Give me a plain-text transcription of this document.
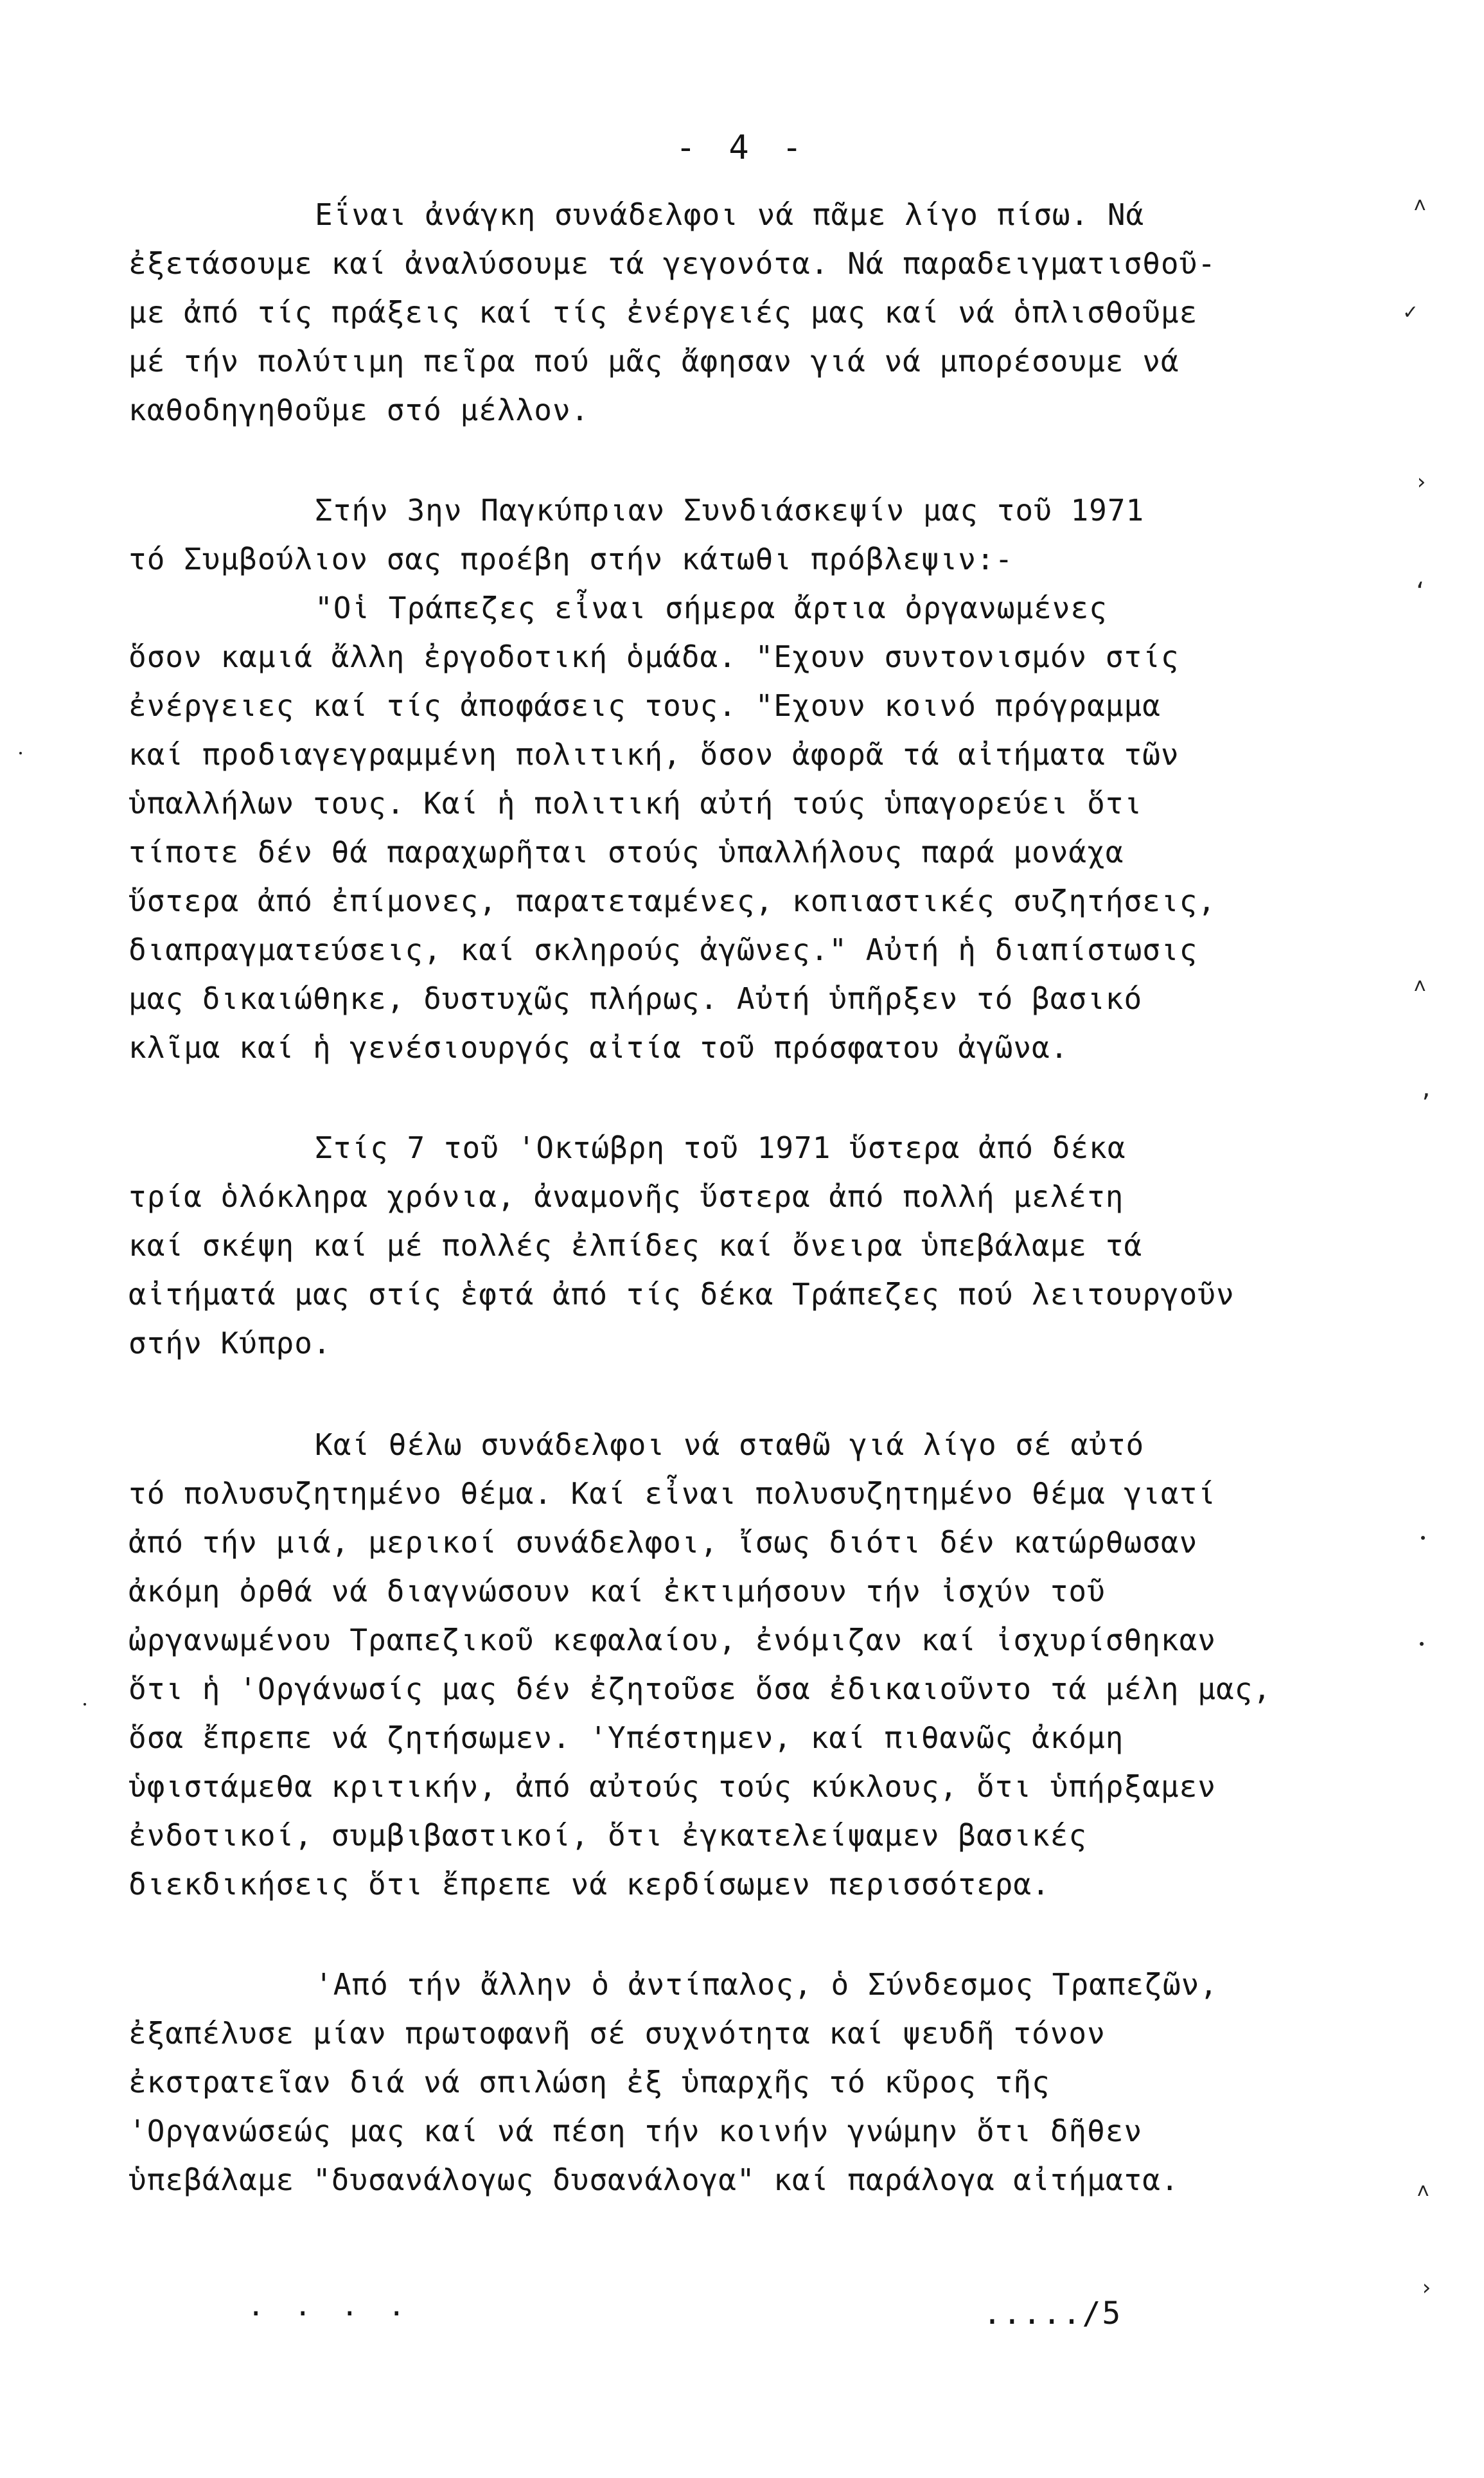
- 4 -
Εΐναι ἀνάγκη συνάδελφοι νά πᾶμε λίγο πίσω. Νά
ἐξετάσουμε καί ἀναλύσουμε τά γεγονότα. Νά παραδειγματισθοῦ-
με ἀπό τίς πράξεις καί τίς ἐνέργειές μας καί νά ὁπλισθοῦμε
μέ τήν πολύτιμη πεῖρα πού μᾶς ἄφησαν γιά νά μπορέσουμε νά
καθοδηγηθοῦμε στό μέλλον.
Στήν 3ην Παγκύπριαν Συνδιάσκεψίν μας τοῦ 1971
τό Συμβούλιον σας προέβη στήν κάτωθι πρόβλεψιν:-
"Οἱ Τράπεζες εἶναι σήμερα ἄρτια ὀργανωμένες
ὅσον καμιά ἄλλη ἐργοδοτική ὁμάδα. "Εχουν συντονισμόν στίς
ἐνέργειες καί τίς ἀποφάσεις τους. "Εχουν κοινό πρόγραμμα
καί προδιαγεγραμμένη πολιτική, ὅσον ἀφορᾶ τά αἰτήματα τῶν
ὑπαλλήλων τους. Καί ἡ πολιτική αὐτή τούς ὑπαγορεύει ὅτι
τίποτε δέν θά παραχωρῆται στούς ὑπαλλήλους παρά μονάχα
ὕστερα ἀπό ἐπίμονες, παρατεταμένες, κοπιαστικές συζητήσεις,
διαπραγματεύσεις, καί σκληρούς ἀγῶνες." Αὐτή ἡ διαπίστωσις
μας δικαιώθηκε, δυστυχῶς πλήρως. Αὐτή ὑπῆρξεν τό βασικό
κλῖμα καί ἡ γενέσιουργός αἰτία τοῦ πρόσφατου ἀγῶνα.
Στίς 7 τοῦ 'Οκτώβρη τοῦ 1971 ὕστερα ἀπό δέκα
τρία ὁλόκληρα χρόνια, ἀναμονῆς ὕστερα ἀπό πολλή μελέτη
καί σκέψη καί μέ πολλές ἐλπίδες καί ὄνειρα ὑπεβάλαμε τά
αἰτήματά μας στίς ἑφτά ἀπό τίς δέκα Τράπεζες πού λειτουργοῦν
στήν Κύπρο.
Καί θέλω συνάδελφοι νά σταθῶ γιά λίγο σέ αὐτό
τό πολυσυζητημένο θέμα. Καί εἶναι πολυσυζητημένο θέμα γιατί
ἀπό τήν μιά, μερικοί συνάδελφοι, ἴσως διότι δέν κατώρθωσαν
ἀκόμη ὀρθά νά διαγνώσουν καί ἐκτιμήσουν τήν ἰσχύν τοῦ
ὠργανωμένου Τραπεζικοῦ κεφαλαίου, ἐνόμιζαν καί ἰσχυρίσθηκαν
ὅτι ἡ 'Οργάνωσίς μας δέν ἐζητοῦσε ὅσα ἐδικαιοῦντο τά μέλη μας,
ὅσα ἔπρεπε νά ζητήσωμεν. 'Υπέστημεν, καί πιθανῶς ἀκόμη
ὑφιστάμεθα κριτικήν, ἀπό αὐτούς τούς κύκλους, ὅτι ὑπήρξαμεν
ἐνδοτικοί, συμβιβαστικοί, ὅτι ἐγκατελείψαμεν βασικές
διεκδικήσεις ὅτι ἔπρεπε νά κερδίσωμεν περισσότερα.
'Από τήν ἄλλην ὁ ἀντίπαλος, ὁ Σύνδεσμος Τραπεζῶν,
ἐξαπέλυσε μίαν πρωτοφανῆ σέ συχνότητα καί ψευδῆ τόνον
ἐκστρατεῖαν διά νά σπιλώση ἐξ ὑπαρχῆς τό κῦρος τῆς
'Οργανώσεώς μας καί νά πέση τήν κοινήν γνώμην ὅτι δῆθεν
ὑπεβάλαμε "δυσανάλογως δυσανάλογα" καί παράλογα αἰτήματα.
· · · ·	...../5
˄
✓
›
‘
˄
,
˄
›
